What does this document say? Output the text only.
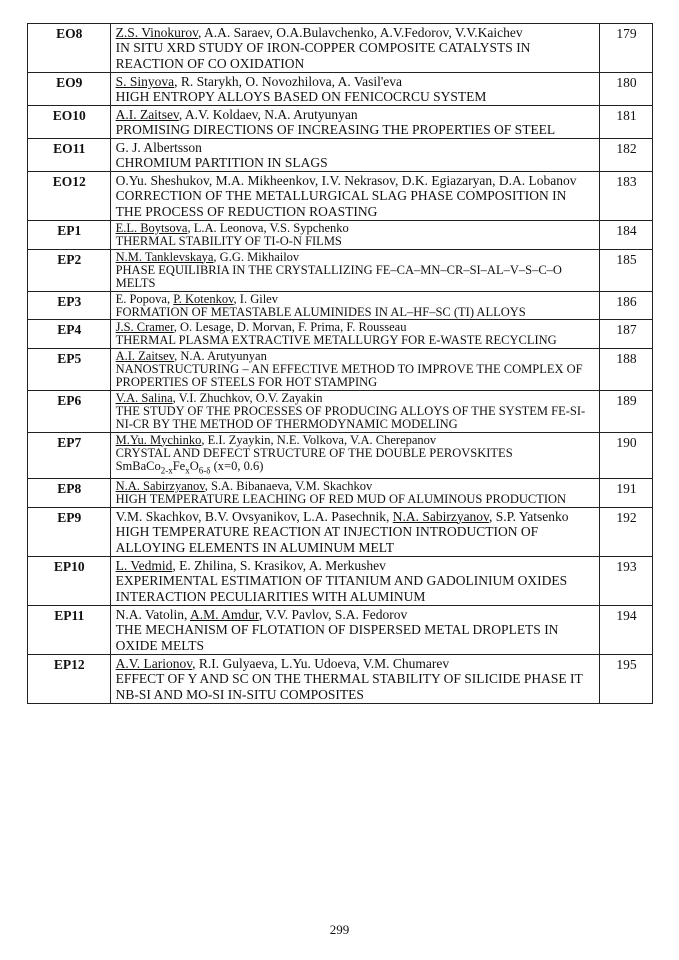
EO8	Z.S. Vinokurov, A.A. Saraev, O.A.Bulavchenko, A.V.Fedorov, V.V.Kaichev
IN SITU XRD STUDY OF IRON-COPPER COMPOSITE CATALYSTS IN REACTION OF CO OXIDATION	179
EO9	S. Sinyova, R. Starykh, O. Novozhilova, A. Vasil'eva
HIGH ENTROPY ALLOYS BASED ON FENICOCRCU SYSTEM	180
EO10	A.I. Zaitsev, A.V. Koldaev, N.A. Arutyunyan
PROMISING DIRECTIONS OF INCREASING THE PROPERTIES OF STEEL	181
EO11	G. J. Albertsson
CHROMIUM PARTITION IN SLAGS	182
EO12	O.Yu. Sheshukov, M.A. Mikheenkov, I.V. Nekrasov, D.K. Egiazaryan, D.A. Lobanov
CORRECTION OF THE METALLURGICAL SLAG PHASE COMPOSITION IN THE PROCESS OF REDUCTION ROASTING	183
EP1	E.L. Boytsova, L.A. Leonova, V.S. Sypchenko
THERMAL STABILITY OF TI-O-N FILMS	184
EP2	N.M. Tanklevskaya, G.G. Mikhailov
PHASE EQUILIBRIA IN THE CRYSTALLIZING FE–CA–MN–CR–SI–AL–V–S–C–O MELTS	185
EP3	E. Popova, P. Kotenkov, I. Gilev
FORMATION OF METASTABLE ALUMINIDES IN AL–HF–SC (TI) ALLOYS	186
EP4	J.S. Cramer, O. Lesage, D. Morvan, F. Prima, F. Rousseau
THERMAL PLASMA EXTRACTIVE METALLURGY FOR E-WASTE RECYCLING	187
EP5	A.I. Zaitsev, N.A. Arutyunyan
NANOSTRUCTURING – AN EFFECTIVE METHOD TO IMPROVE THE COMPLEX OF PROPERTIES OF STEELS FOR HOT STAMPING	188
EP6	V.A. Salina, V.I. Zhuchkov, O.V. Zayakin
THE STUDY OF THE PROCESSES OF PRODUCING ALLOYS OF THE SYSTEM FE-SI-NI-CR BY THE METHOD OF THERMODYNAMIC MODELING	189
EP7	M.Yu. Mychinko, E.I. Zyaykin, N.E. Volkova, V.A. Cherepanov
CRYSTAL AND DEFECT STRUCTURE OF THE DOUBLE PEROVSKITES
$SmBaCo_{2-x}Fe_xO_{6-\delta}$ (x=0, 0.6)	190
EP8	N.A. Sabirzyanov, S.A. Bibanaeva, V.M. Skachkov
HIGH TEMPERATURE LEACHING OF RED MUD OF ALUMINOUS PRODUCTION	191
EP9	V.M. Skachkov, B.V. Ovsyanikov, L.A. Pasechnik, N.A. Sabirzyanov, S.P. Yatsenko
HIGH TEMPERATURE REACTION AT INJECTION INTRODUCTION OF ALLOYING ELEMENTS IN ALUMINUM MELT	192
EP10	L. Vedmid, E. Zhilina, S. Krasikov, A. Merkushev
EXPERIMENTAL ESTIMATION OF TITANIUM AND GADOLINIUM OXIDES INTERACTION PECULIARITIES WITH ALUMINUM	193
EP11	N.A. Vatolin, A.M. Amdur, V.V. Pavlov, S.A. Fedorov
THE MECHANISM OF FLOTATION OF DISPERSED METAL DROPLETS IN OXIDE MELTS	194
EP12	A.V. Larionov, R.I. Gulyaeva, L.Yu. Udoeva, V.M. Chumarev
EFFECT OF Y AND SC ON THE THERMAL STABILITY OF SILICIDE PHASE IT NB-SI AND MO-SI IN-SITU COMPOSITES	195
299
